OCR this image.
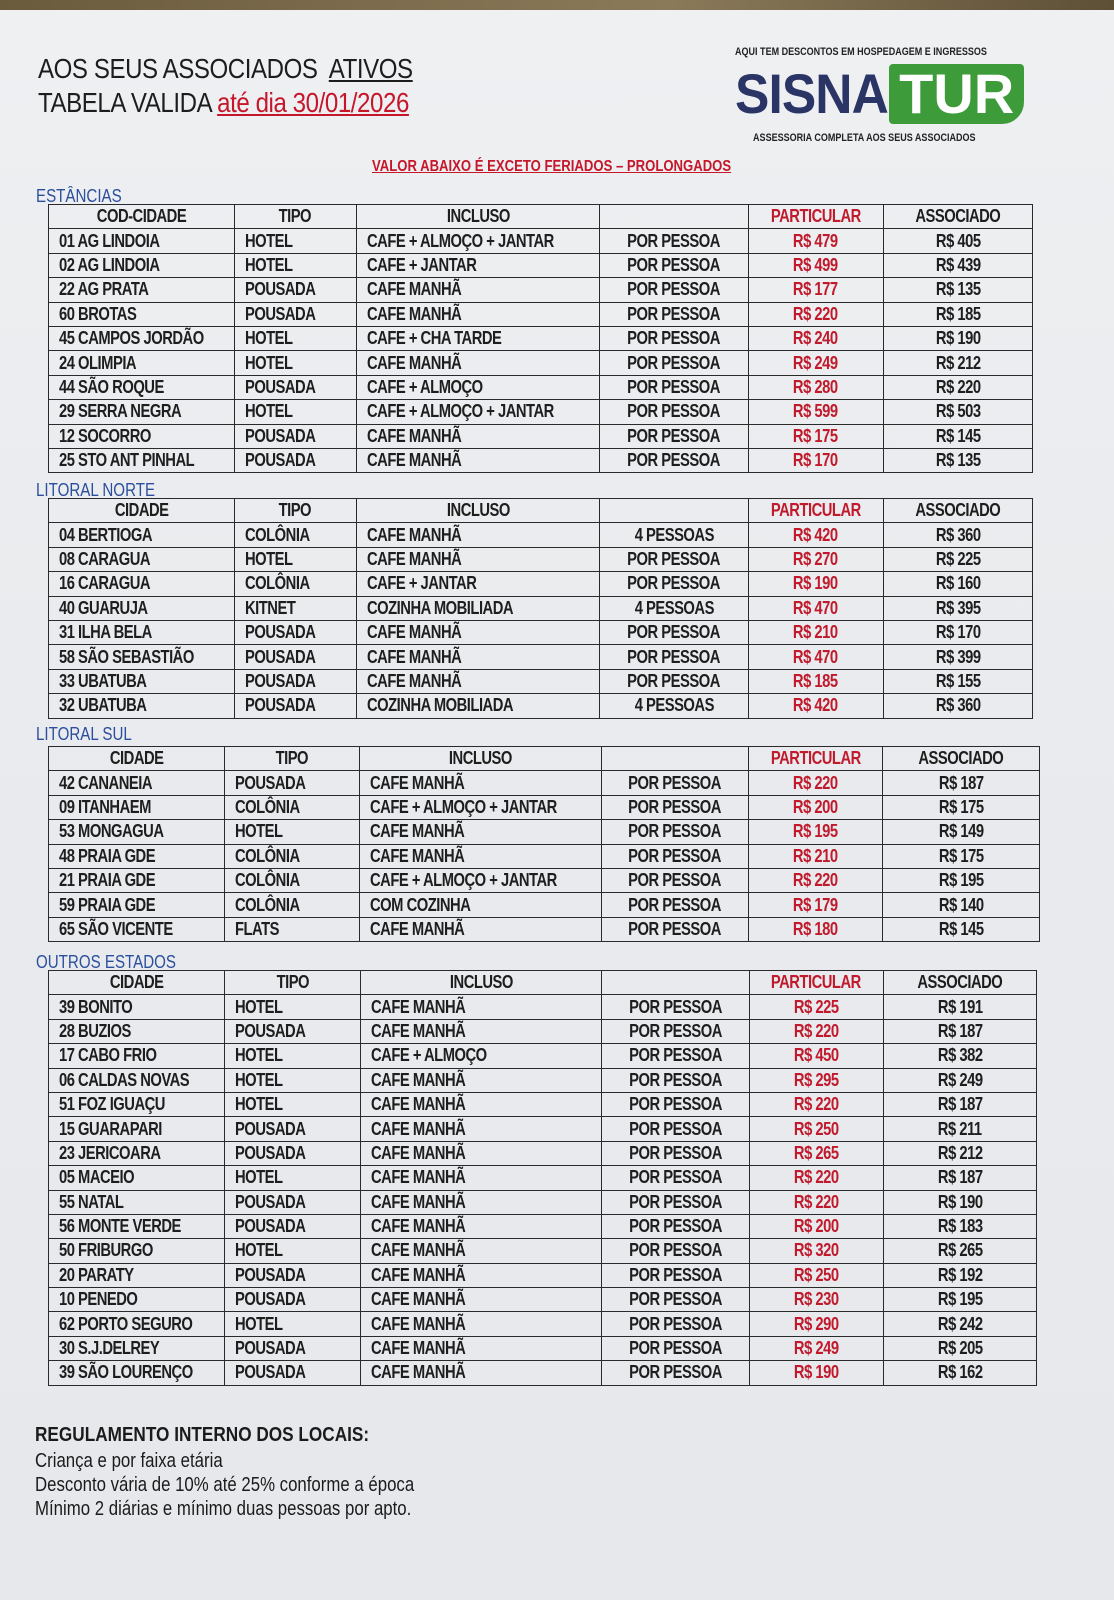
AOS SEUS ASSOCIADOS ATIVOS
TABELA VALIDA até dia 30/01/2026
AQUI TEM DESCONTOS EM HOSPEDAGEM E INGRESSOS
SISNA TUR
ASSESSORIA COMPLETA AOS SEUS ASSOCIADOS
VALOR ABAIXO É EXCETO FERIADOS – PROLONGADOS
ESTÂNCIAS
COD-CIDADE	TIPO	INCLUSO		PARTICULAR	ASSOCIADO
01 AG LINDOIA	HOTEL	CAFE + ALMOÇO + JANTAR	POR PESSOA	R$ 479	R$ 405
02 AG LINDOIA	HOTEL	CAFE + JANTAR	POR PESSOA	R$ 499	R$ 439
22 AG PRATA	POUSADA	CAFE MANHÃ	POR PESSOA	R$ 177	R$ 135
60 BROTAS	POUSADA	CAFE MANHÃ	POR PESSOA	R$ 220	R$ 185
45 CAMPOS JORDÃO	HOTEL	CAFE + CHA TARDE	POR PESSOA	R$ 240	R$ 190
24 OLIMPIA	HOTEL	CAFE MANHÃ	POR PESSOA	R$ 249	R$ 212
44 SÃO ROQUE	POUSADA	CAFE + ALMOÇO	POR PESSOA	R$ 280	R$ 220
29 SERRA NEGRA	HOTEL	CAFE + ALMOÇO + JANTAR	POR PESSOA	R$ 599	R$ 503
12 SOCORRO	POUSADA	CAFE MANHÃ	POR PESSOA	R$ 175	R$ 145
25 STO ANT PINHAL	POUSADA	CAFE MANHÃ	POR PESSOA	R$ 170	R$ 135
LITORAL NORTE
CIDADE	TIPO	INCLUSO		PARTICULAR	ASSOCIADO
04 BERTIOGA	COLÔNIA	CAFE MANHÃ	4 PESSOAS	R$ 420	R$ 360
08 CARAGUA	HOTEL	CAFE MANHÃ	POR PESSOA	R$ 270	R$ 225
16 CARAGUA	COLÔNIA	CAFE + JANTAR	POR PESSOA	R$ 190	R$ 160
40 GUARUJA	KITNET	COZINHA MOBILIADA	4 PESSOAS	R$ 470	R$ 395
31 ILHA BELA	POUSADA	CAFE MANHÃ	POR PESSOA	R$ 210	R$ 170
58 SÃO SEBASTIÃO	POUSADA	CAFE MANHÃ	POR PESSOA	R$ 470	R$ 399
33 UBATUBA	POUSADA	CAFE MANHÃ	POR PESSOA	R$ 185	R$ 155
32 UBATUBA	POUSADA	COZINHA MOBILIADA	4 PESSOAS	R$ 420	R$ 360
LITORAL SUL
CIDADE	TIPO	INCLUSO		PARTICULAR	ASSOCIADO
42 CANANEIA	POUSADA	CAFE MANHÃ	POR PESSOA	R$ 220	R$ 187
09 ITANHAEM	COLÔNIA	CAFE + ALMOÇO + JANTAR	POR PESSOA	R$ 200	R$ 175
53 MONGAGUA	HOTEL	CAFE MANHÃ	POR PESSOA	R$ 195	R$ 149
48 PRAIA GDE	COLÔNIA	CAFE MANHÃ	POR PESSOA	R$ 210	R$ 175
21 PRAIA GDE	COLÔNIA	CAFE + ALMOÇO + JANTAR	POR PESSOA	R$ 220	R$ 195
59 PRAIA GDE	COLÔNIA	COM COZINHA	POR PESSOA	R$ 179	R$ 140
65 SÃO VICENTE	FLATS	CAFE MANHÃ	POR PESSOA	R$ 180	R$ 145
OUTROS ESTADOS
CIDADE	TIPO	INCLUSO		PARTICULAR	ASSOCIADO
39 BONITO	HOTEL	CAFE MANHÃ	POR PESSOA	R$ 225	R$ 191
28 BUZIOS	POUSADA	CAFE MANHÃ	POR PESSOA	R$ 220	R$ 187
17 CABO FRIO	HOTEL	CAFE + ALMOÇO	POR PESSOA	R$ 450	R$ 382
06 CALDAS NOVAS	HOTEL	CAFE MANHÃ	POR PESSOA	R$ 295	R$ 249
51 FOZ IGUAÇU	HOTEL	CAFE MANHÃ	POR PESSOA	R$ 220	R$ 187
15 GUARAPARI	POUSADA	CAFE MANHÃ	POR PESSOA	R$ 250	R$ 211
23 JERICOARA	POUSADA	CAFE MANHÃ	POR PESSOA	R$ 265	R$ 212
05 MACEIO	HOTEL	CAFE MANHÃ	POR PESSOA	R$ 220	R$ 187
55 NATAL	POUSADA	CAFE MANHÃ	POR PESSOA	R$ 220	R$ 190
56 MONTE VERDE	POUSADA	CAFE MANHÃ	POR PESSOA	R$ 200	R$ 183
50 FRIBURGO	HOTEL	CAFE MANHÃ	POR PESSOA	R$ 320	R$ 265
20 PARATY	POUSADA	CAFE MANHÃ	POR PESSOA	R$ 250	R$ 192
10 PENEDO	POUSADA	CAFE MANHÃ	POR PESSOA	R$ 230	R$ 195
62 PORTO SEGURO	HOTEL	CAFE MANHÃ	POR PESSOA	R$ 290	R$ 242
30 S.J.DELREY	POUSADA	CAFE MANHÃ	POR PESSOA	R$ 249	R$ 205
39 SÃO LOURENÇO	POUSADA	CAFE MANHÃ	POR PESSOA	R$ 190	R$ 162
REGULAMENTO INTERNO DOS LOCAIS:
Criança e por faixa etária
Desconto vária de 10% até 25% conforme a época
Mínimo 2 diárias e mínimo duas pessoas por apto.
